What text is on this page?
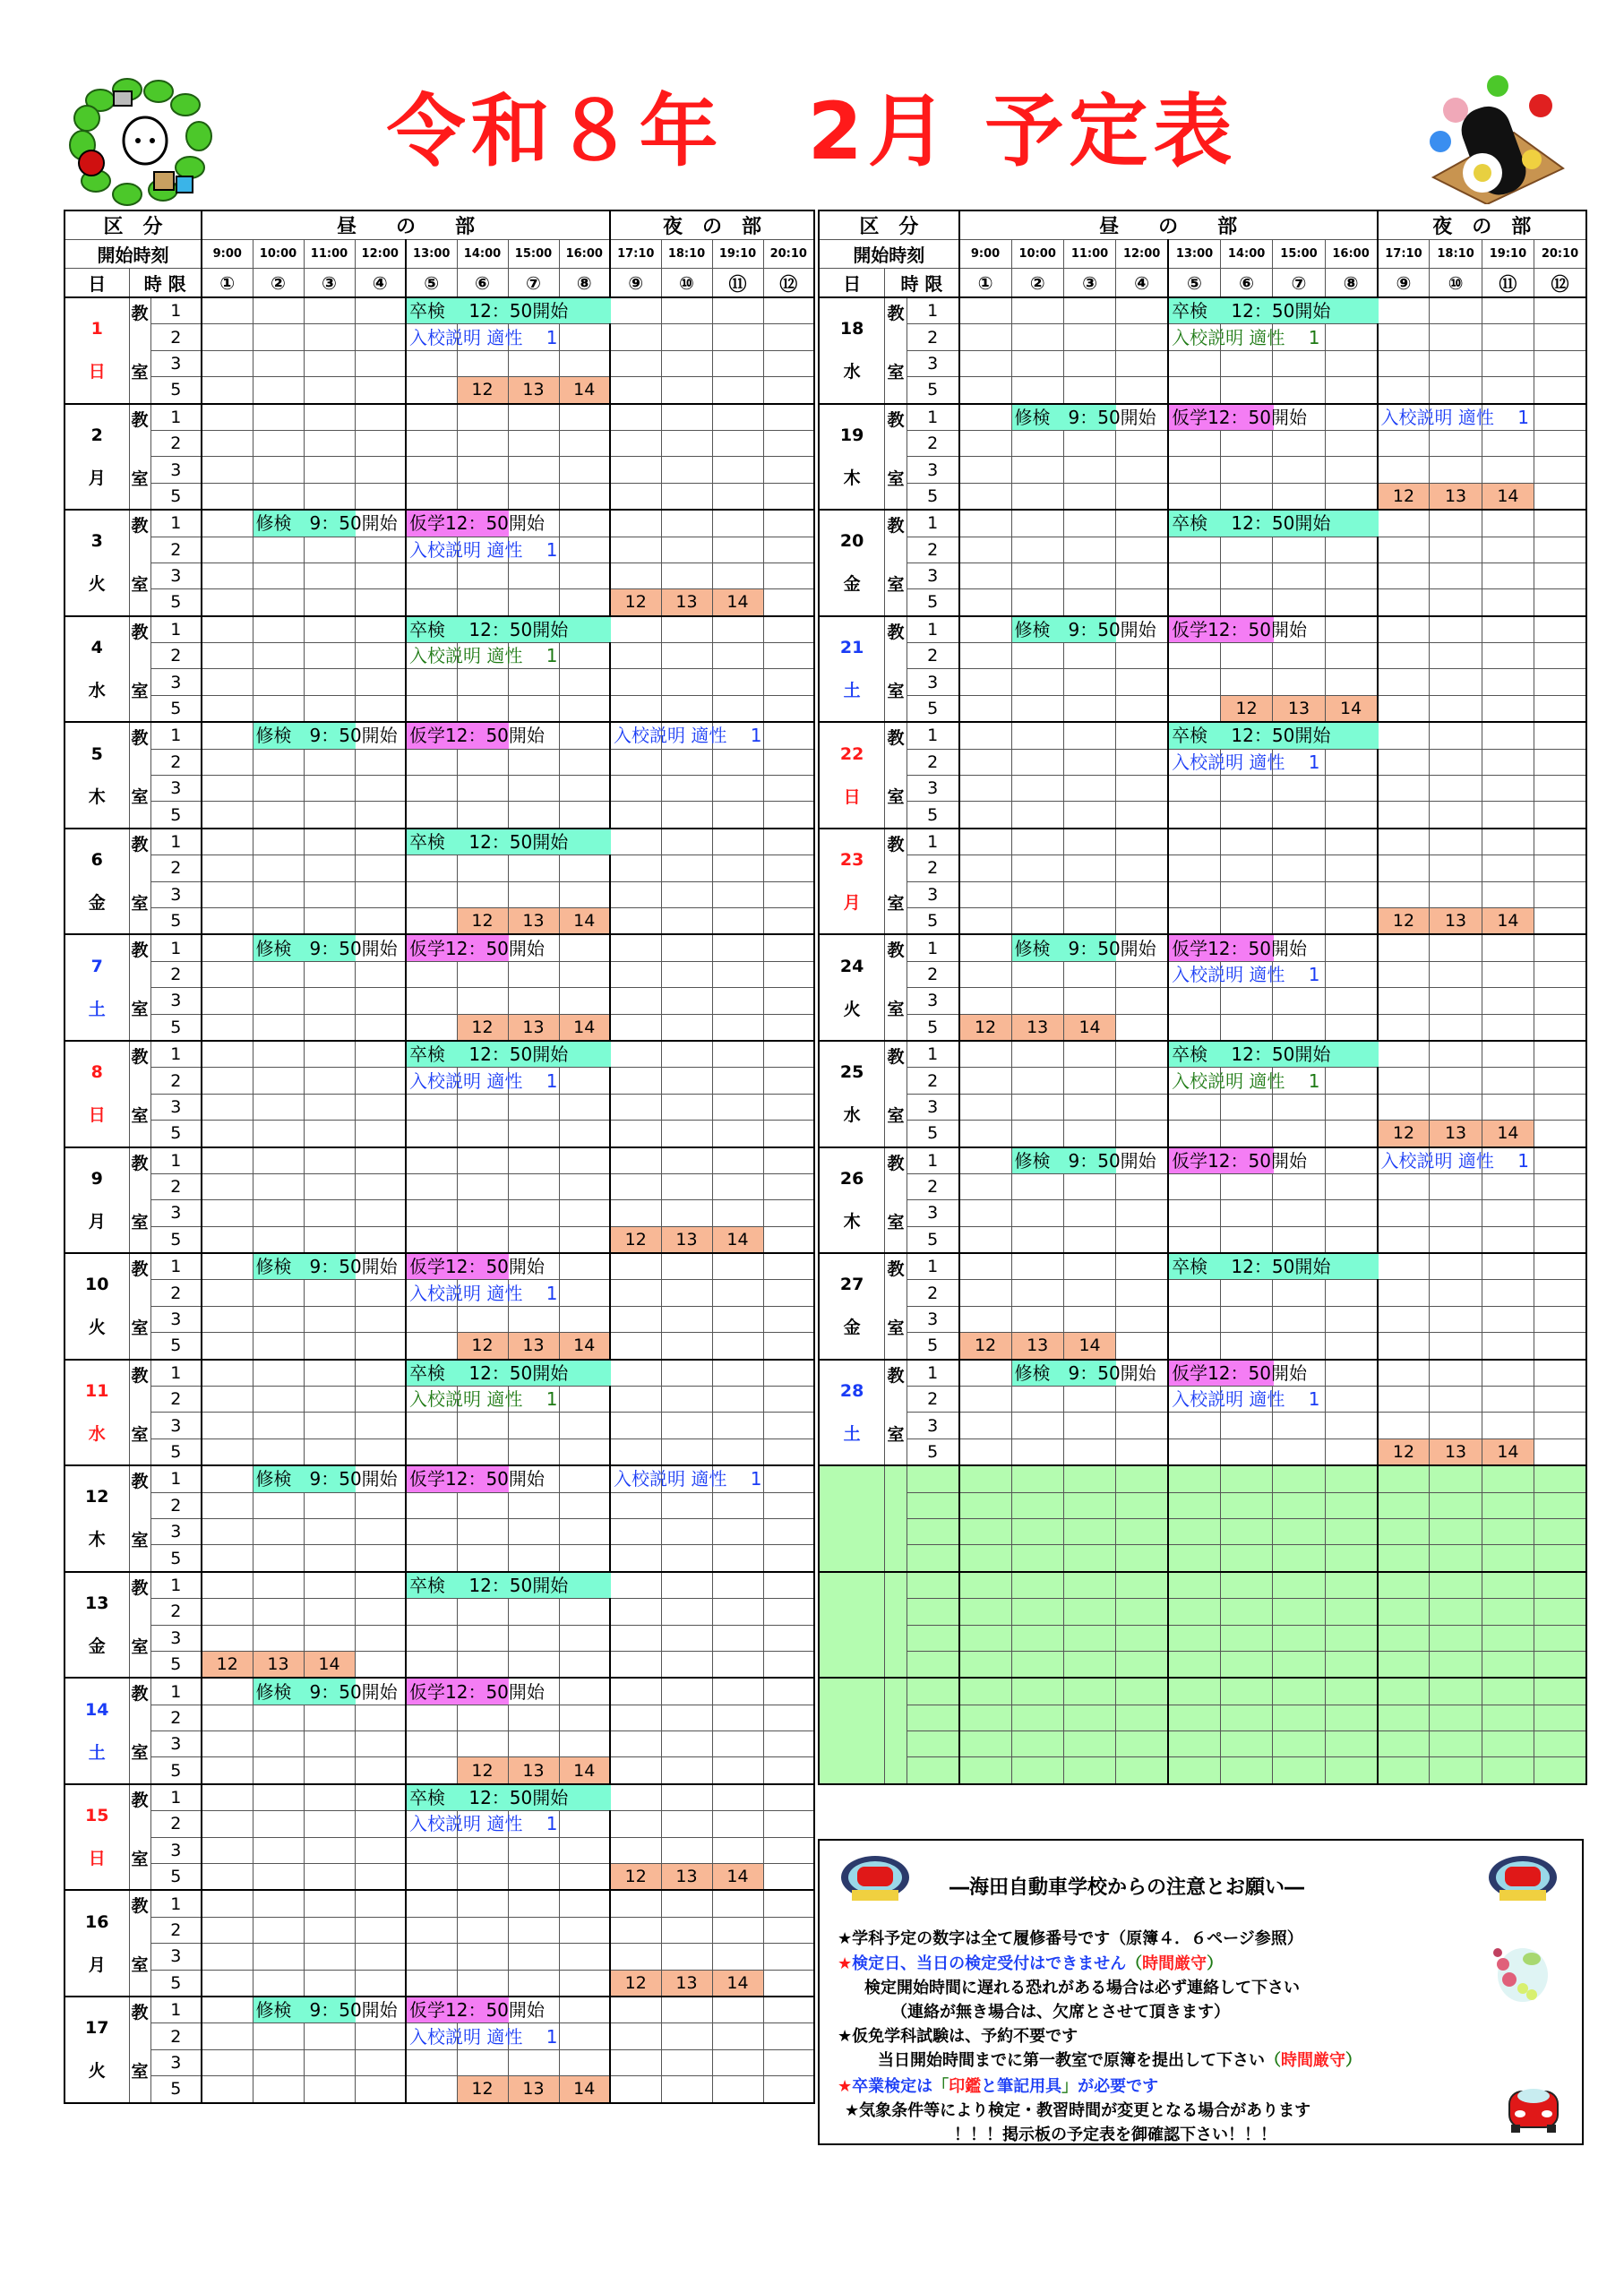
令和８年　2月 予定表
区　分			昼　　の　　部								夜　の　部			
開始時刻			9:00	10:00	11:00	12:00	13:00	14:00	15:00	16:00	17:10	18:10	19:10	20:10
日	時 限		①	②	③	④	⑤	⑥	⑦	⑧	⑨	⑩	⑪	⑫

1
日	教
室	1					卒検　 12：50開始							

		2					入校説明 適性　 1							

		3												
		5						12	13	14				

2
月	教
室	1												
		2												
		3												
		5												

3
火	教
室	1		修検　9：50開始			仮学12：50開始							

		2					入校説明 適性　 1							

		3												
		5									12	13	14	

4
水	教
室	1					卒検　 12：50開始							

		2					入校説明 適性　 1							

		3												
		5												

5
木	教
室	1		修検　9：50開始			仮学12：50開始				入校説明 適性　 1			

		2												
		3												
		5												

6
金	教
室	1					卒検　 12：50開始							

		2												
		3												
		5						12	13	14				

7
土	教
室	1		修検　9：50開始			仮学12：50開始							

		2												
		3												
		5						12	13	14				

8
日	教
室	1					卒検　 12：50開始							

		2					入校説明 適性　 1							

		3												
		5												

9
月	教
室	1												
		2												
		3												
		5									12	13	14	

10
火	教
室	1		修検　9：50開始			仮学12：50開始							

		2					入校説明 適性　 1							

		3												
		5						12	13	14				

11
水	教
室	1					卒検　 12：50開始							

		2					入校説明 適性　 1							

		3												
		5												

12
木	教
室	1		修検　9：50開始			仮学12：50開始				入校説明 適性　 1			

		2												
		3												
		5												

13
金	教
室	1					卒検　 12：50開始							

		2												
		3												
		5	12	13	14									

14
土	教
室	1		修検　9：50開始			仮学12：50開始							

		2												
		3												
		5						12	13	14				

15
日	教
室	1					卒検　 12：50開始							

		2					入校説明 適性　 1							

		3												
		5									12	13	14	

16
月	教
室	1												
		2												
		3												
		5									12	13	14	

17
火	教
室	1		修検　9：50開始			仮学12：50開始							

		2					入校説明 適性　 1							

		3												
		5						12	13	14				
区　分			昼　　の　　部								夜　の　部			
開始時刻			9:00	10:00	11:00	12:00	13:00	14:00	15:00	16:00	17:10	18:10	19:10	20:10
日	時 限		①	②	③	④	⑤	⑥	⑦	⑧	⑨	⑩	⑪	⑫

18
水	教
室	1					卒検　 12：50開始							

		2					入校説明 適性　 1							

		3												
		5												

19
木	教
室	1		修検　9：50開始			仮学12：50開始				入校説明 適性　 1			

		2												
		3												
		5									12	13	14	

20
金	教
室	1					卒検　 12：50開始							

		2												
		3												
		5												

21
土	教
室	1		修検　9：50開始			仮学12：50開始							

		2												
		3												
		5						12	13	14				

22
日	教
室	1					卒検　 12：50開始							

		2					入校説明 適性　 1							

		3												
		5												

23
月	教
室	1												
		2												
		3												
		5									12	13	14	

24
火	教
室	1		修検　9：50開始			仮学12：50開始							

		2					入校説明 適性　 1							

		3												
		5	12	13	14									

25
水	教
室	1					卒検　 12：50開始							

		2					入校説明 適性　 1							

		3												
		5									12	13	14	

26
木	教
室	1		修検　9：50開始			仮学12：50開始				入校説明 適性　 1			

		2												
		3												
		5												

27
金	教
室	1					卒検　 12：50開始							

		2												
		3												
		5	12	13	14									

28
土	教
室	1		修検　9：50開始			仮学12：50開始							

		2					入校説明 適性　 1							

		3												
		5									12	13	14	

―海田自動車学校からの注意とお願い―
★学科予定の数字は全て履修番号です（原簿４．６ページ参照）
★検定日、当日の検定受付はできません（時間厳守）
検定開始時間に遅れる恐れがある場合は必ず連絡して下さい
（連絡が無き場合は、欠席とさせて頂きます）
★仮免学科試験は、予約不要です
当日開始時間までに第一教室で原簿を提出して下さい（時間厳守）
★卒業検定は「印鑑と筆記用具」が必要です
★気象条件等により検定・教習時間が変更となる場合があります
！！！掲示板の予定表を御確認下さい！！！
